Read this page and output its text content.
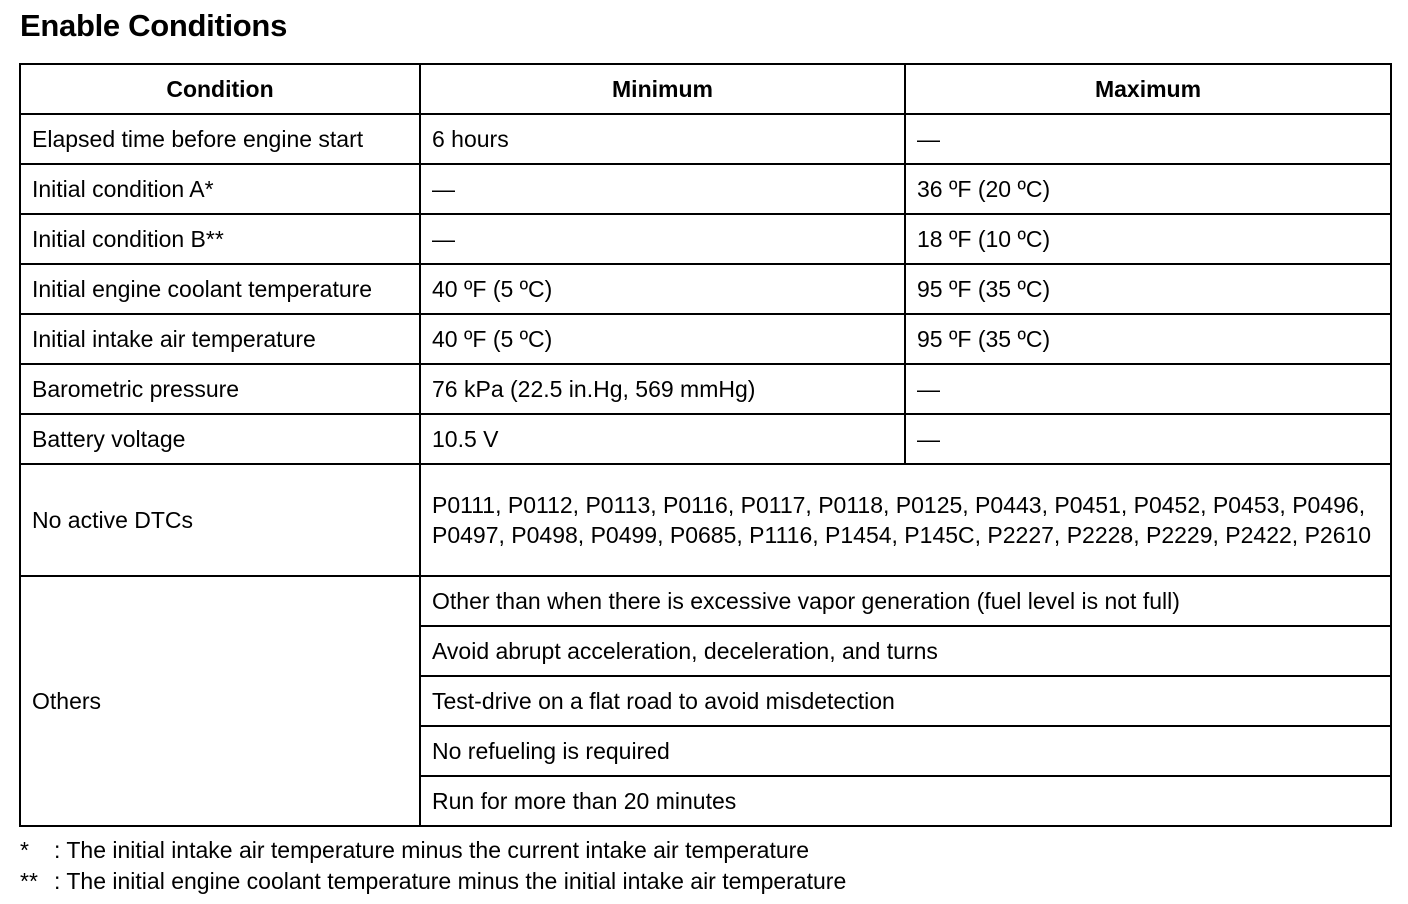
Enable Conditions
Condition	Minimum	Maximum
Elapsed time before engine start	6 hours	—
Initial condition A*	—	36 ºF (20 ºC)
Initial condition B**	—	18 ºF (10 ºC)
Initial engine coolant temperature	40 ºF (5 ºC)	95 ºF (35 ºC)
Initial intake air temperature	40 ºF (5 ºC)	95 ºF (35 ºC)
Barometric pressure	76 kPa (22.5 in.Hg, 569 mmHg)	—
Battery voltage	10.5 V	—
No active DTCs	P0111, P0112, P0113, P0116, P0117, P0118, P0125, P0443, P0451, P0452, P0453, P0496, P0497, P0498, P0499, P0685, P1116, P1454, P145C, P2227, P2228, P2229, P2422, P2610	
Others	Other than when there is excessive vapor generation (fuel level is not full)	
	Avoid abrupt acceleration, deceleration, and turns	
	Test-drive on a flat road to avoid misdetection	
	No refueling is required	
	Run for more than 20 minutes	
*	: The initial intake air temperature minus the current intake air temperature
** : The initial engine coolant temperature minus the initial intake air temperature
